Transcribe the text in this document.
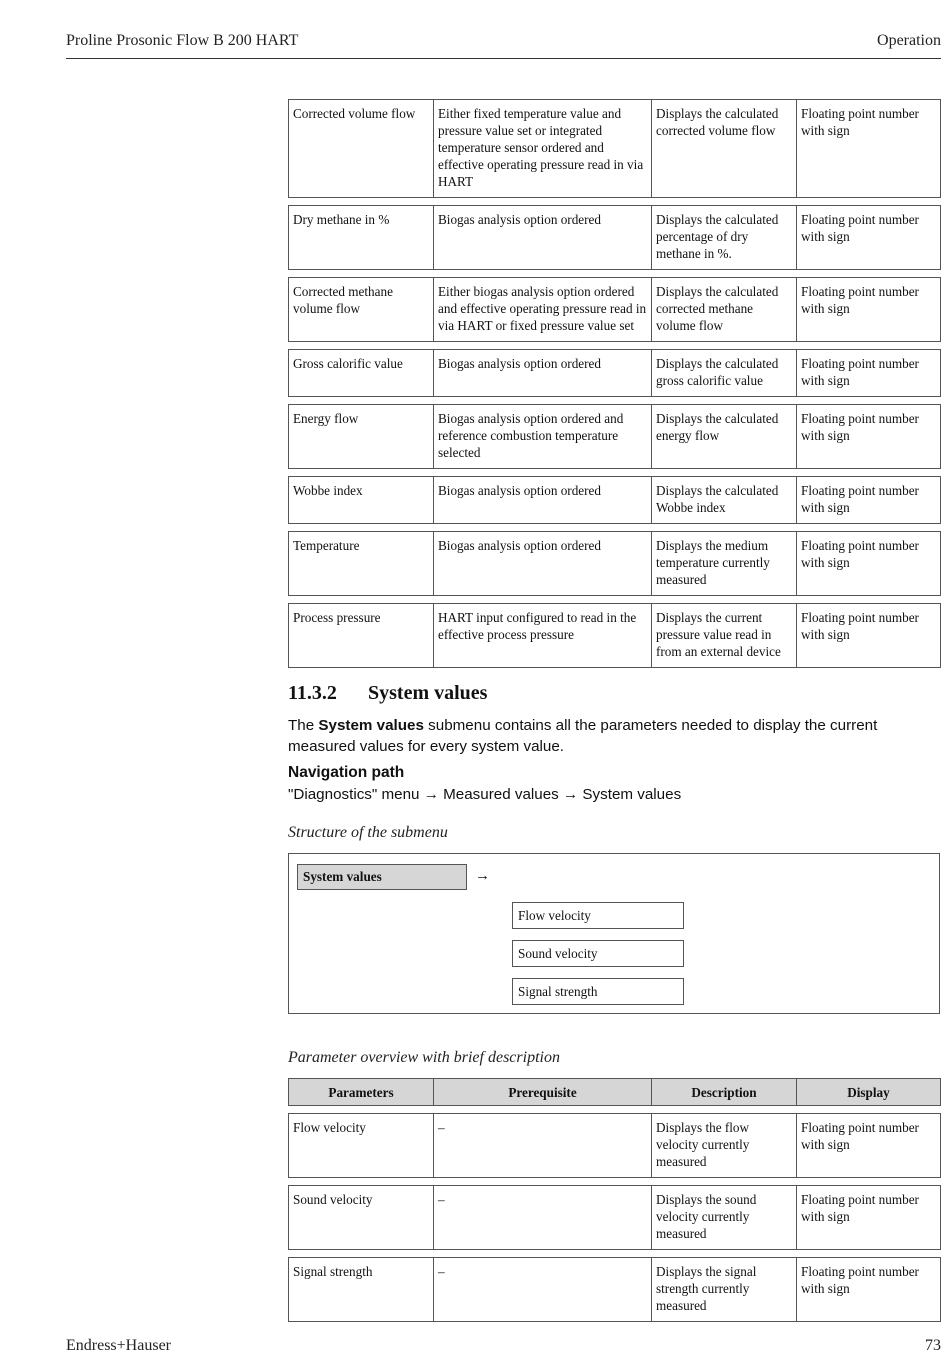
Proline Prosonic Flow B 200 HART	Operation
Corrected volume flow	Either fixed temperature value and pressure value set or integrated temperature sensor ordered and effective operating pressure read in via HART	Displays the calculated corrected volume flow	Floating point number with sign

Dry methane in %	Biogas analysis option ordered	Displays the calculated percentage of dry methane in %.	Floating point number with sign

Corrected methane volume flow	Either biogas analysis option ordered and effective operating pressure read in via HART or fixed pressure value set	Displays the calculated corrected methane volume flow	Floating point number with sign

Gross calorific value	Biogas analysis option ordered	Displays the calculated gross calorific value	Floating point number with sign

Energy flow	Biogas analysis option ordered and reference combustion temperature selected	Displays the calculated energy flow	Floating point number with sign

Wobbe index	Biogas analysis option ordered	Displays the calculated Wobbe index	Floating point number with sign

Temperature	Biogas analysis option ordered	Displays the medium temperature currently measured	Floating point number with sign

Process pressure	HART input configured to read in the effective process pressure	Displays the current pressure value read in from an external device	Floating point number with sign
11.3.2 System values

The System values submenu contains all the parameters needed to display the current measured values for every system value.

Navigation path

"Diagnostics" menu → Measured values → System values

Structure of the submenu

System values	→
Flow velocity
Sound velocity
Signal strength

Parameter overview with brief description

Parameters	Prerequisite	Description	Display

Flow velocity	–	Displays the flow velocity currently measured	Floating point number with sign

Sound velocity	–	Displays the sound velocity currently measured	Floating point number with sign

Signal strength	–	Displays the signal strength currently measured	Floating point number with sign
Endress+Hauser	73
